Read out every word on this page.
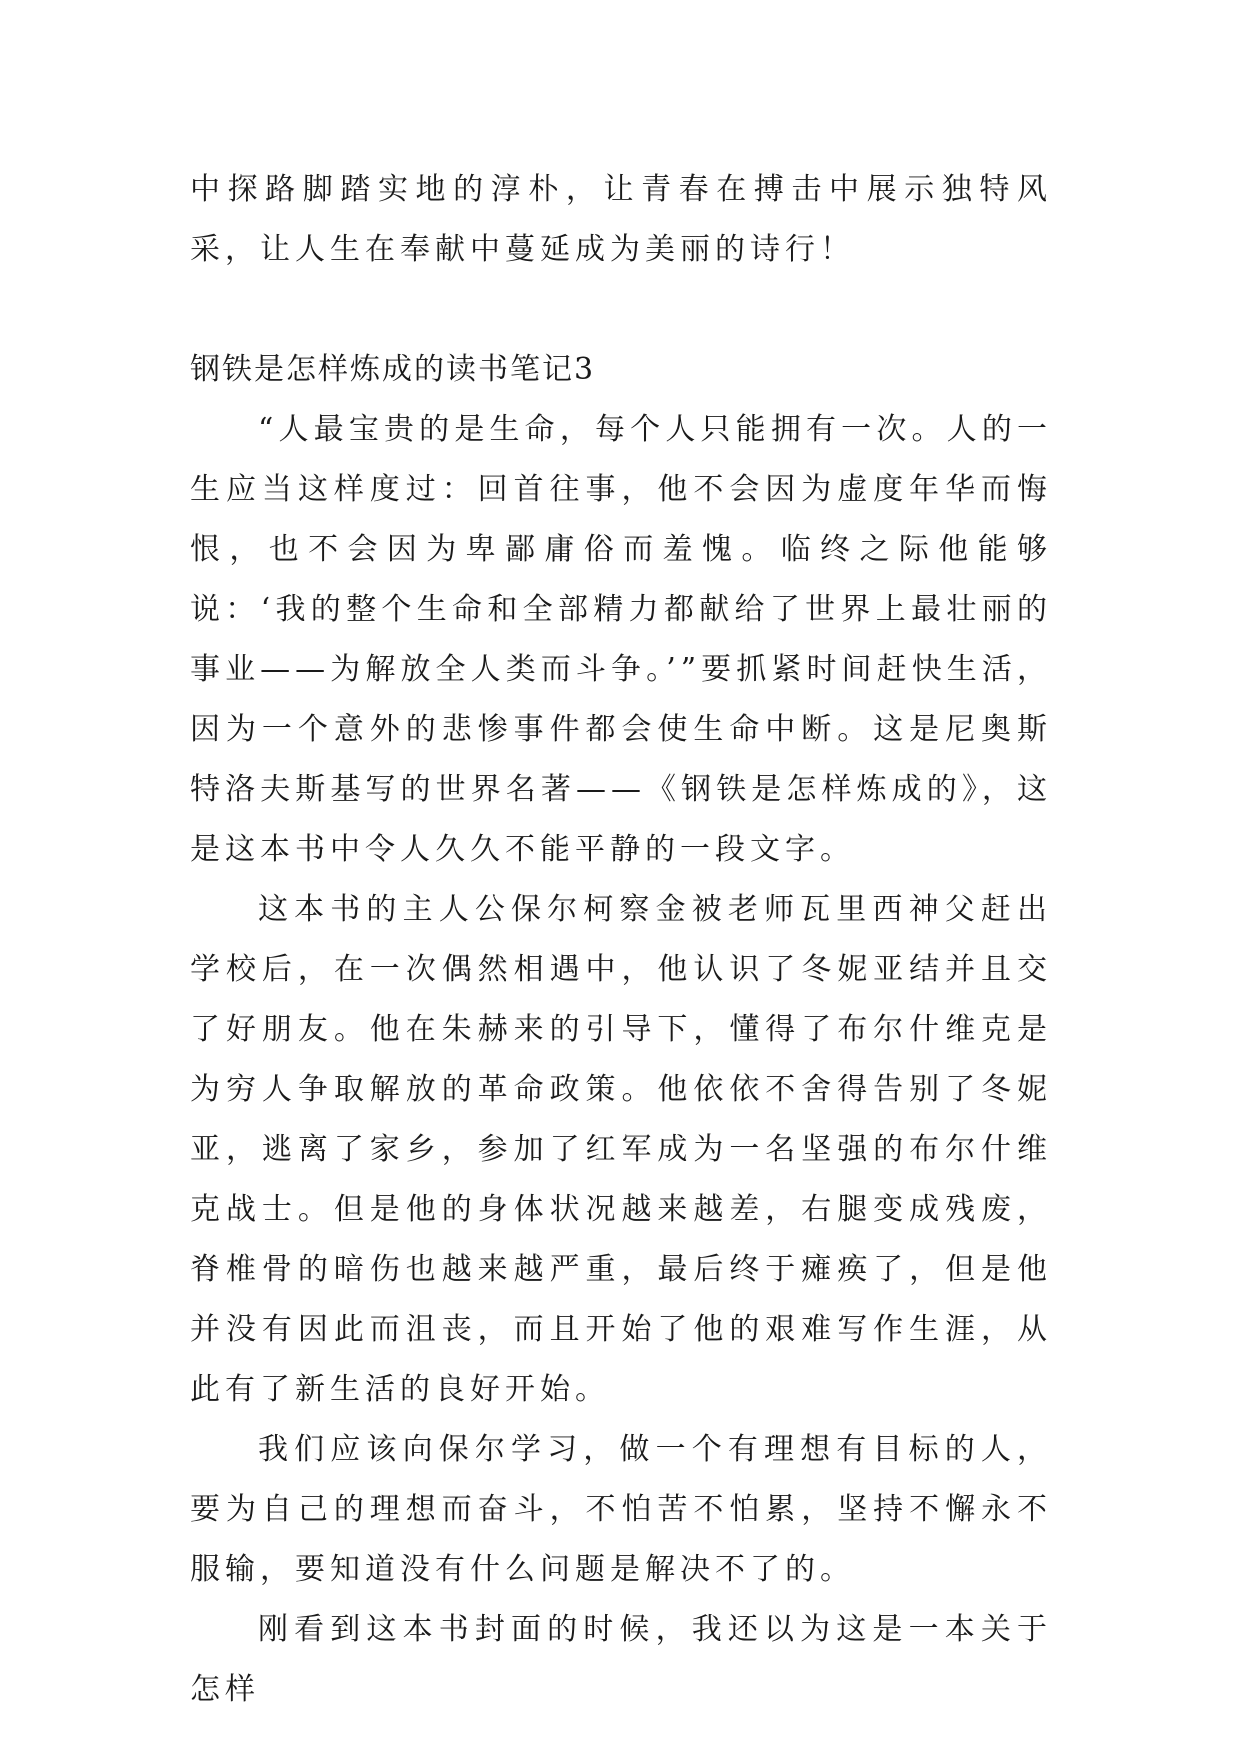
中探路脚踏实地的淳朴，让青春在搏击中展示独特风采，让人生在奉献中蔓延成为美丽的诗行！

钢铁是怎样炼成的读书笔记3

“人最宝贵的是生命，每个人只能拥有一次。人的一生应当这样度过：回首往事，他不会因为虚度年华而悔恨，也不会因为卑鄙庸俗而羞愧。临终之际他能够说：‘我的整个生命和全部精力都献给了世界上最壮丽的事业——为解放全人类而斗争。’”要抓紧时间赶快生活，因为一个意外的悲惨事件都会使生命中断。这是尼奥斯特洛夫斯基写的世界名著——《钢铁是怎样炼成的》，这是这本书中令人久久不能平静的一段文字。

这本书的主人公保尔柯察金被老师瓦里西神父赶出学校后，在一次偶然相遇中，他认识了冬妮亚结并且交了好朋友。他在朱赫来的引导下，懂得了布尔什维克是为穷人争取解放的革命政策。他依依不舍得告别了冬妮亚，逃离了家乡，参加了红军成为一名坚强的布尔什维克战士。但是他的身体状况越来越差，右腿变成残废，脊椎骨的暗伤也越来越严重，最后终于瘫痪了，但是他并没有因此而沮丧，而且开始了他的艰难写作生涯，从此有了新生活的良好开始。

我们应该向保尔学习，做一个有理想有目标的人，要为自己的理想而奋斗，不怕苦不怕累，坚持不懈永不服输，要知道没有什么问题是解决不了的。

刚看到这本书封面的时候，我还以为这是一本关于怎样
